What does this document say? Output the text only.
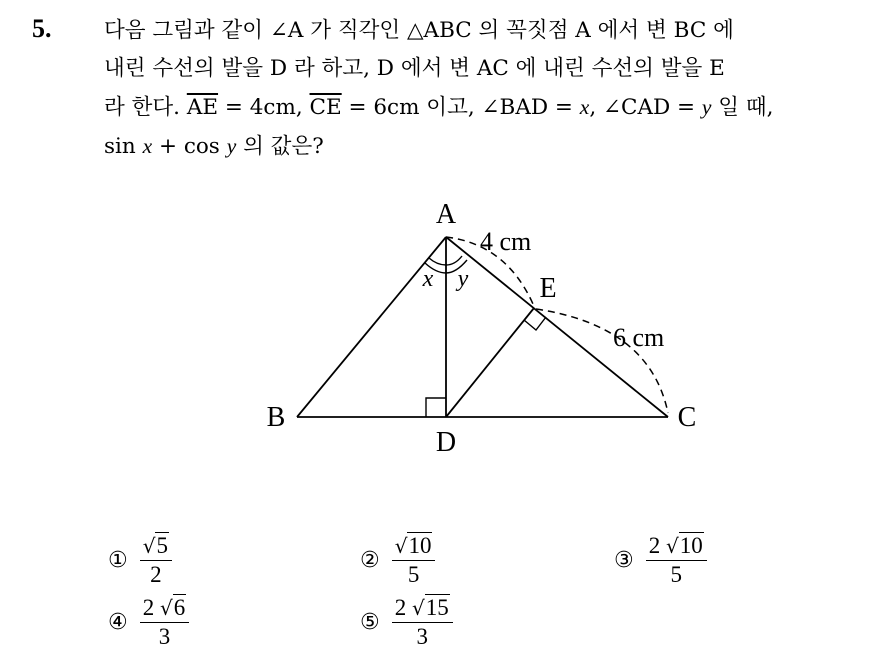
5. 다음 그림과 같이 ∠A 가 직각인 △ABC 의 꼭짓점 A 에서 변 BC 에
내린 수선의 발을 D 라 하고, D 에서 변 AC 에 내린 수선의 발을 E
라 한다. $\overline{AE} = 4cm$, $\overline{CE} = 6cm$ 이고, ∠BAD = x, ∠CAD = y 일 때,
sin x + cos y 의 값은?
A
B	C
D
E
x y
4 cm
6 cm
① $\frac{√5}{2}$	② $\frac{√10}{5}$	③ $\frac{2 √10}{5}$
④ $\frac{2 √6}{3}$	⑤ $\frac{2 √15}{3}$
